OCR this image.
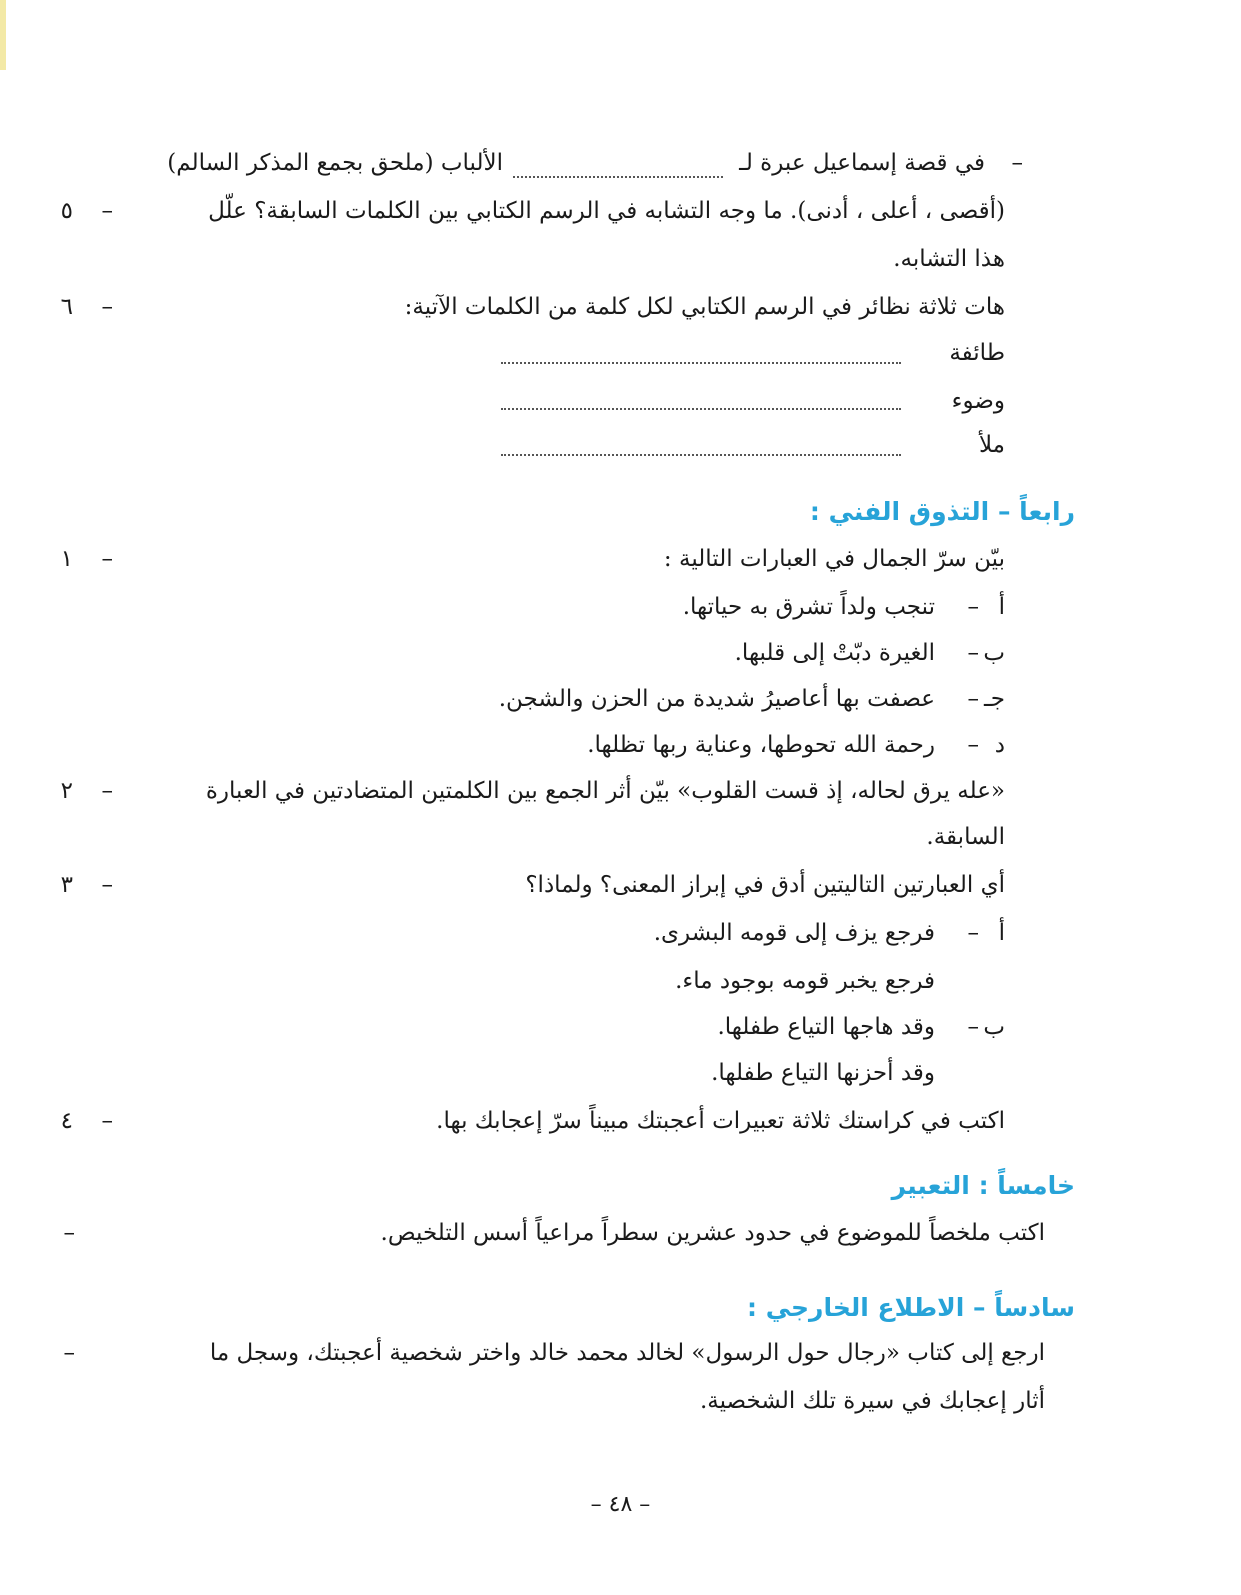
–
في قصة إسماعيل عبرة لـ
الألباب (ملحق بجمع المذكر السالم)
٥ –	(أقصى ، أعلى ، أدنى). ما وجه التشابه في الرسم الكتابي بين الكلمات السابقة؟ علّل
هذا التشابه.
٦ –	هات ثلاثة نظائر في الرسم الكتابي لكل كلمة من الكلمات الآتية:
طائفة
وضوء
ملأ
رابعاً – التذوق الفني :
١ –	بيّن سرّ الجمال في العبارات التالية :
أ
–
تنجب ولداً تشرق به حياتها.
ب
–
الغيرة دبّتْ إلى قلبها.
جـ
–
عصفت بها أعاصيرُ شديدة من الحزن والشجن.
د
–
رحمة الله تحوطها، وعناية ربها تظلها.
٢ –	«عله يرق لحاله، إذ قست القلوب» بيّن أثر الجمع بين الكلمتين المتضادتين في العبارة
السابقة.
٣ –	أي العبارتين التاليتين أدق في إبراز المعنى؟ ولماذا؟
أ
–
فرجع يزف إلى قومه البشرى.
فرجع يخبر قومه بوجود ماء.
ب
–
وقد هاجها التياع طفلها.
وقد أحزنها التياع طفلها.
٤ –	اكتب في كراستك ثلاثة تعبيرات أعجبتك مبيناً سرّ إعجابك بها.
خامساً : التعبير
–	اكتب ملخصاً للموضوع في حدود عشرين سطراً مراعياً أسس التلخيص.
سادساً – الاطلاع الخارجي :
–	ارجع إلى كتاب «رجال حول الرسول» لخالد محمد خالد واختر شخصية أعجبتك، وسجل ما
أثار إعجابك في سيرة تلك الشخصية.
– ٤٨ –
